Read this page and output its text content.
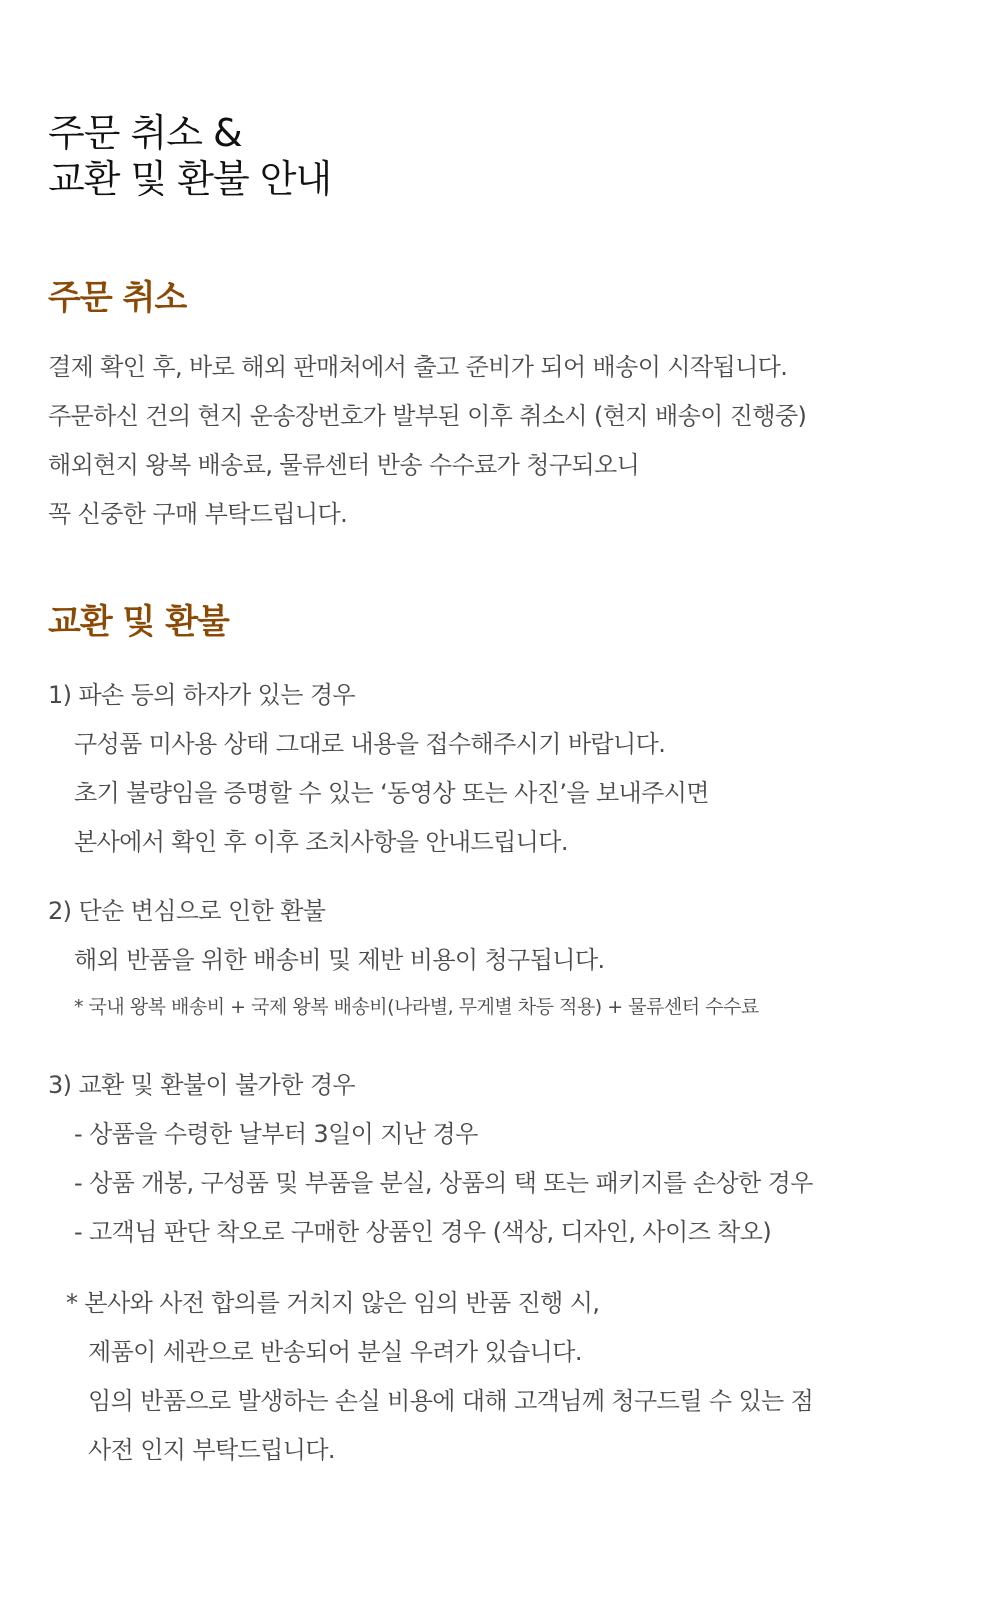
주문 취소 &
교환 및 환불 안내
주문 취소
결제 확인 후, 바로 해외 판매처에서 출고 준비가 되어 배송이 시작됩니다.
주문하신 건의 현지 운송장번호가 발부된 이후 취소시 (현지 배송이 진행중)
해외현지 왕복 배송료, 물류센터 반송 수수료가 청구되오니
꼭 신중한 구매 부탁드립니다.
교환 및 환불
1) 파손 등의 하자가 있는 경우
구성품 미사용 상태 그대로 내용을 접수해주시기 바랍니다.
초기 불량임을 증명할 수 있는 ‘동영상 또는 사진’을 보내주시면
본사에서 확인 후 이후 조치사항을 안내드립니다.
2) 단순 변심으로 인한 환불
해외 반품을 위한 배송비 및 제반 비용이 청구됩니다.
* 국내 왕복 배송비 + 국제 왕복 배송비(나라별, 무게별 차등 적용) + 물류센터 수수료
3) 교환 및 환불이 불가한 경우
- 상품을 수령한 날부터 3일이 지난 경우
- 상품 개봉, 구성품 및 부품을 분실, 상품의 택 또는 패키지를 손상한 경우
- 고객님 판단 착오로 구매한 상품인 경우 (색상, 디자인, 사이즈 착오)
* 본사와 사전 합의를 거치지 않은 임의 반품 진행 시,
제품이 세관으로 반송되어 분실 우려가 있습니다.
임의 반품으로 발생하는 손실 비용에 대해 고객님께 청구드릴 수 있는 점
사전 인지 부탁드립니다.
